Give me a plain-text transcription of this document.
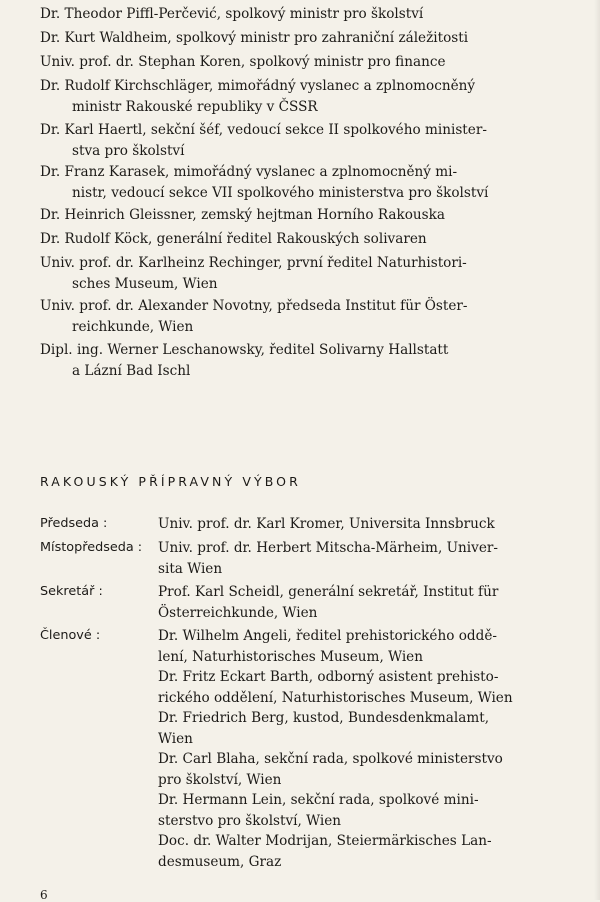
Dr. Theodor Piffl-Perčević, spolkový ministr pro školství
Dr. Kurt Waldheim, spolkový ministr pro zahraniční záležitosti
Univ. prof. dr. Stephan Koren, spolkový ministr pro finance
Dr. Rudolf Kirchschläger, mimořádný vyslanec a zplnomocněný
ministr Rakouské republiky v ČSSR
Dr. Karl Haertl, sekční šéf, vedoucí sekce II spolkového minister-
stva pro školství
Dr. Franz Karasek, mimořádný vyslanec a zplnomocněný mi-
nistr, vedoucí sekce VII spolkového ministerstva pro školství
Dr. Heinrich Gleissner, zemský hejtman Horního Rakouska
Dr. Rudolf Köck, generální ředitel Rakouských solivaren
Univ. prof. dr. Karlheinz Rechinger, první ředitel Naturhistori-
sches Museum, Wien
Univ. prof. dr. Alexander Novotny, předseda Institut für Öster-
reichkunde, Wien
Dipl. ing. Werner Leschanowsky, ředitel Solivarny Hallstatt
a Lázní Bad Ischl
RAKOUSKÝ PŘÍPRAVNÝ VÝBOR
Předseda :	Univ. prof. dr. Karl Kromer, Universita Innsbruck
Místopředseda :	Univ. prof. dr. Herbert Mitscha-Märheim, Univer-
sita Wien
Sekretář :	Prof. Karl Scheidl, generální sekretář, Institut für
Österreichkunde, Wien
Členové :	Dr. Wilhelm Angeli, ředitel prehistorického oddě-
lení, Naturhistorisches Museum, Wien
Dr. Fritz Eckart Barth, odborný asistent prehisto-
rického oddělení, Naturhistorisches Museum, Wien
Dr. Friedrich Berg, kustod, Bundesdenkmalamt,
Wien
Dr. Carl Blaha, sekční rada, spolkové ministerstvo
pro školství, Wien
Dr. Hermann Lein, sekční rada, spolkové mini-
sterstvo pro školství, Wien
Doc. dr. Walter Modrijan, Steiermärkisches Lan-
desmuseum, Graz
6
